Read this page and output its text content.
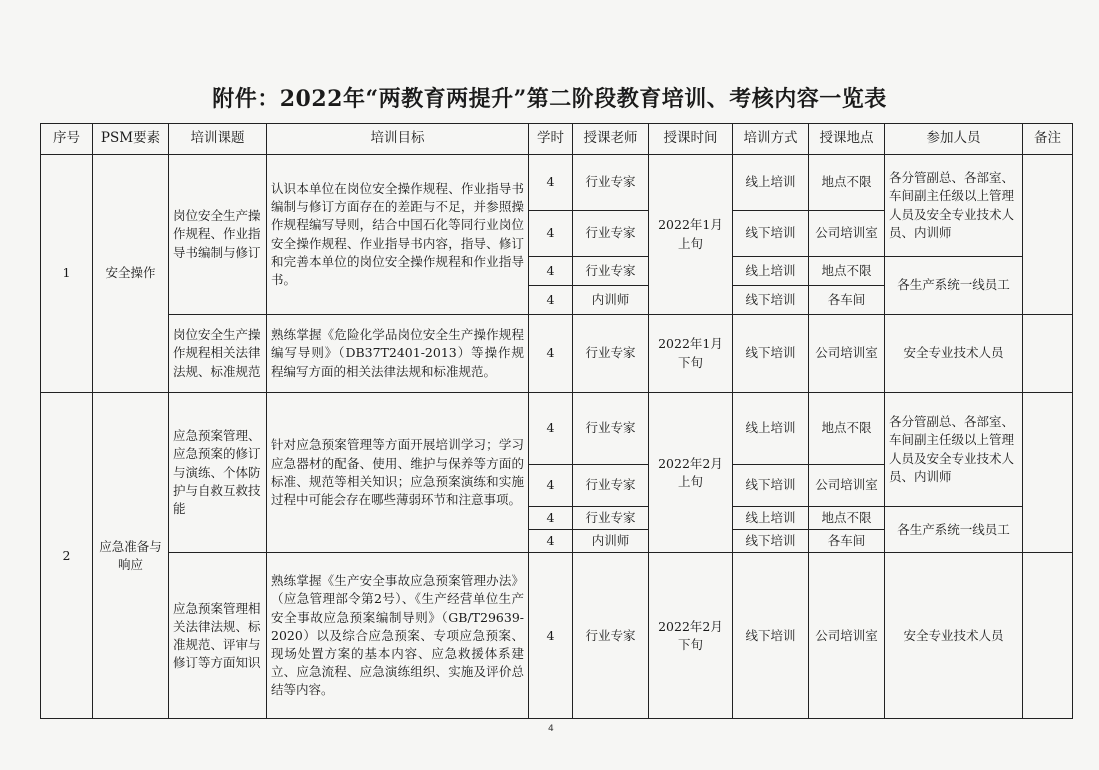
附件：2022年“两教育两提升”第二阶段教育培训、考核内容一览表
序号	PSM要素	培训课题	培训目标	学时	授课老师	授课时间	培训方式	授课地点	参加人员	备注
1	安全操作	岗位安全生产操作规程、作业指导书编制与修订	认识本单位在岗位安全操作规程、作业指导书编制与修订方面存在的差距与不足，并参照操作规程编写导则，结合中国石化等同行业岗位安全操作规程、作业指导书内容，指导、修订和完善本单位的岗位安全操作规程和作业指导书。	4	行业专家	2022年1月上旬	线上培训	地点不限	各分管副总、各部室、车间副主任级以上管理人员及安全专业技术人员、内训师	
				4	行业专家		线下培训	公司培训室		
				4	行业专家		线上培训	地点不限	各生产系统一线员工	
				4	内训师		线下培训	各车间		
		岗位安全生产操作规程相关法律法规、标准规范	熟练掌握《危险化学品岗位安全生产操作规程编写导则》（DB37T2401-2013）等操作规程编写方面的相关法律法规和标准规范。	4	行业专家	2022年1月下旬	线下培训	公司培训室	安全专业技术人员	
2	应急准备与响应	应急预案管理、应急预案的修订与演练、个体防护与自救互救技能	针对应急预案管理等方面开展培训学习；学习应急器材的配备、使用、维护与保养等方面的标准、规范等相关知识；应急预案演练和实施过程中可能会存在哪些薄弱环节和注意事项。	4	行业专家	2022年2月上旬	线上培训	地点不限	各分管副总、各部室、车间副主任级以上管理人员及安全专业技术人员、内训师	
				4	行业专家		线下培训	公司培训室		
				4	行业专家		线上培训	地点不限	各生产系统一线员工	
				4	内训师		线下培训	各车间		
		应急预案管理相关法律法规、标准规范、评审与修订等方面知识	熟练掌握《生产安全事故应急预案管理办法》（应急管理部令第2号）、《生产经营单位生产安全事故应急预案编制导则》（GB/T29639-2020）以及综合应急预案、专项应急预案、现场处置方案的基本内容、应急救援体系建立、应急流程、应急演练组织、实施及评价总结等内容。	4	行业专家	2022年2月下旬	线下培训	公司培训室	安全专业技术人员	
4
